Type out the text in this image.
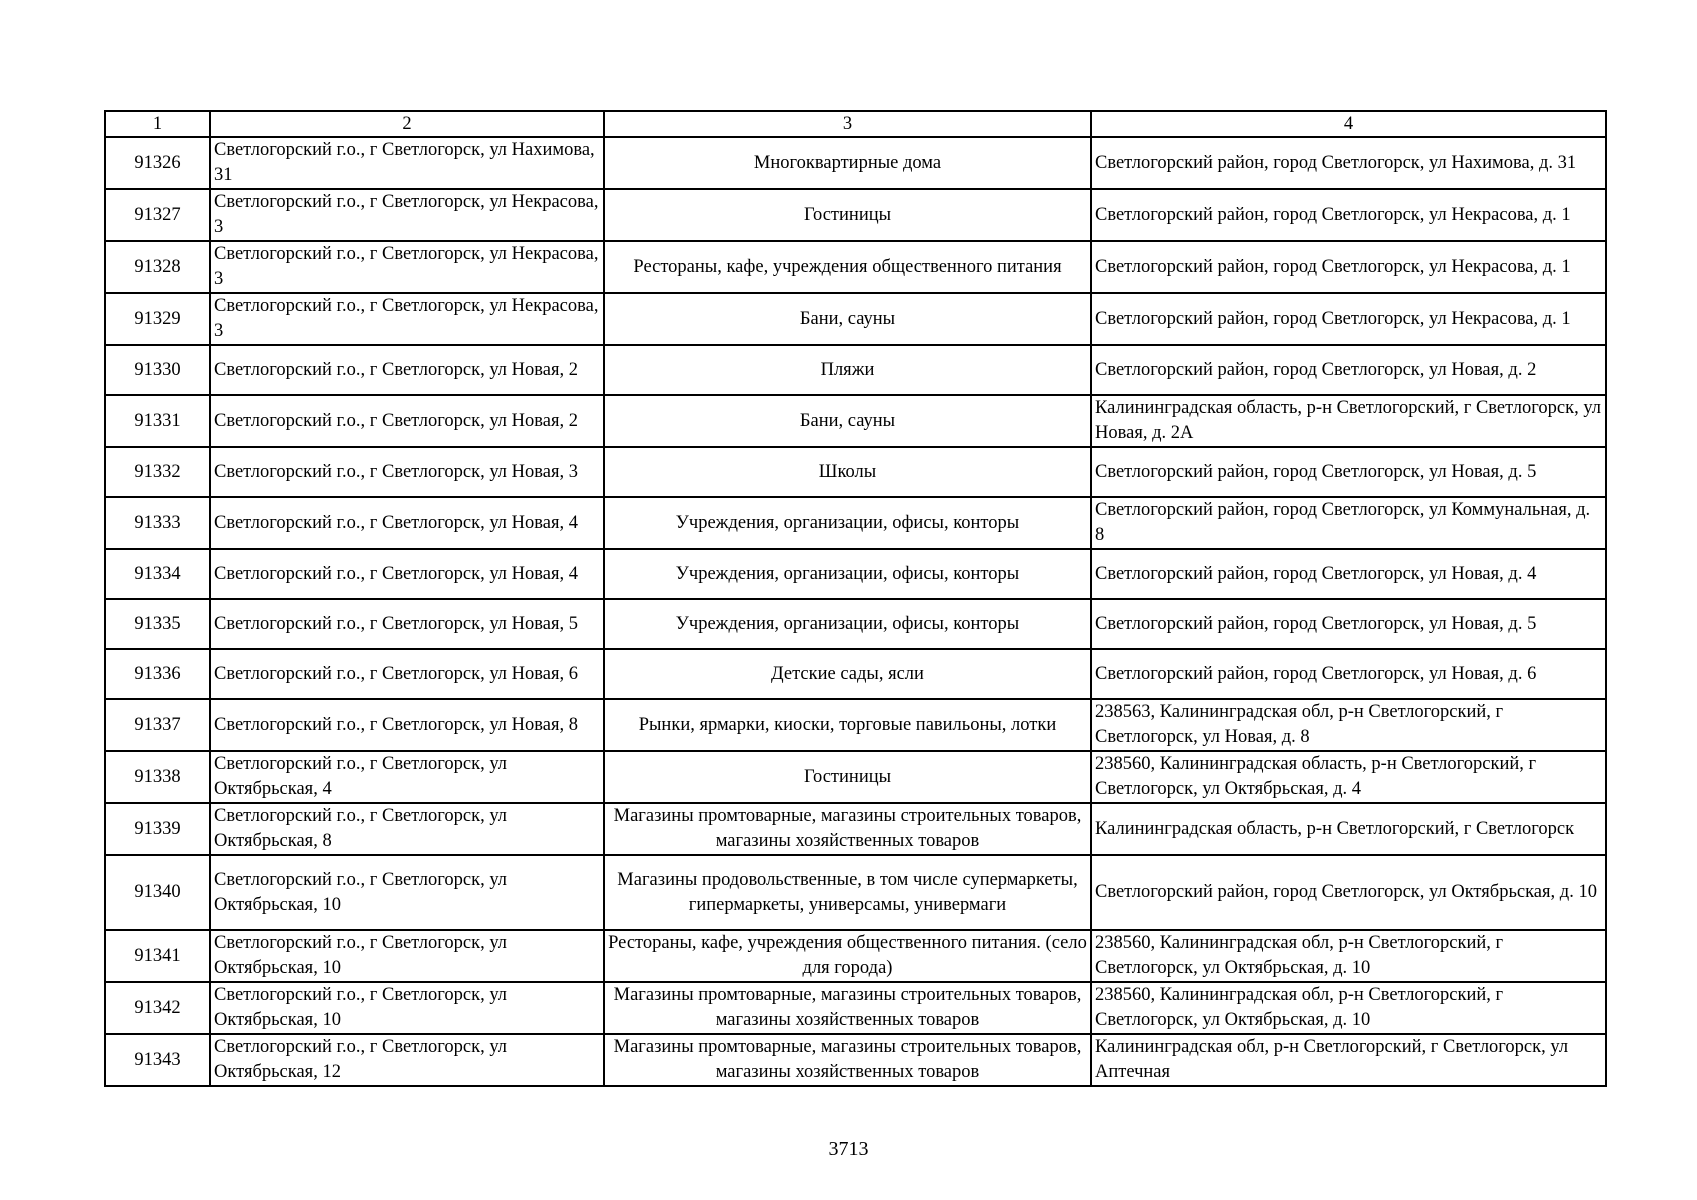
1	2	3	4
91326	Светлогорский г.о., г Светлогорск, ул Нахимова, 31	Многоквартирные дома	Светлогорский район, город Светлогорск, ул Нахимова, д. 31
91327	Светлогорский г.о., г Светлогорск, ул Некрасова, 3	Гостиницы	Светлогорский район, город Светлогорск, ул Некрасова, д. 1
91328	Светлогорский г.о., г Светлогорск, ул Некрасова, 3	Рестораны, кафе, учреждения общественного питания	Светлогорский район, город Светлогорск, ул Некрасова, д. 1
91329	Светлогорский г.о., г Светлогорск, ул Некрасова, 3	Бани, сауны	Светлогорский район, город Светлогорск, ул Некрасова, д. 1
91330	Светлогорский г.о., г Светлогорск, ул Новая, 2	Пляжи	Светлогорский район, город Светлогорск, ул Новая, д. 2
91331	Светлогорский г.о., г Светлогорск, ул Новая, 2	Бани, сауны	Калининградская область, р-н Светлогорский, г Светлогорск, ул Новая, д. 2А
91332	Светлогорский г.о., г Светлогорск, ул Новая, 3	Школы	Светлогорский район, город Светлогорск, ул Новая, д. 5
91333	Светлогорский г.о., г Светлогорск, ул Новая, 4	Учреждения, организации, офисы, конторы	Светлогорский район, город Светлогорск, ул Коммунальная, д. 8
91334	Светлогорский г.о., г Светлогорск, ул Новая, 4	Учреждения, организации, офисы, конторы	Светлогорский район, город Светлогорск, ул Новая, д. 4
91335	Светлогорский г.о., г Светлогорск, ул Новая, 5	Учреждения, организации, офисы, конторы	Светлогорский район, город Светлогорск, ул Новая, д. 5
91336	Светлогорский г.о., г Светлогорск, ул Новая, 6	Детские сады, ясли	Светлогорский район, город Светлогорск, ул Новая, д. 6
91337	Светлогорский г.о., г Светлогорск, ул Новая, 8	Рынки, ярмарки, киоски, торговые павильоны, лотки	238563, Калининградская обл, р-н Светлогорский, г Светлогорск, ул Новая, д. 8
91338	Светлогорский г.о., г Светлогорск, ул Октябрьская, 4	Гостиницы	238560, Калининградская область, р-н Светлогорский, г Светлогорск, ул Октябрьская, д. 4
91339	Светлогорский г.о., г Светлогорск, ул Октябрьская, 8	Магазины промтоварные, магазины строительных товаров, магазины хозяйственных товаров	Калининградская область, р-н Светлогорский, г Светлогорск
91340	Светлогорский г.о., г Светлогорск, ул Октябрьская, 10	Магазины продовольственные, в том числе супермаркеты, гипермаркеты, универсамы, универмаги	Светлогорский район, город Светлогорск, ул Октябрьская, д. 10
91341	Светлогорский г.о., г Светлогорск, ул Октябрьская, 10	Рестораны, кафе, учреждения общественного питания. (село для города)	238560, Калининградская обл, р-н Светлогорский, г Светлогорск, ул Октябрьская, д. 10
91342	Светлогорский г.о., г Светлогорск, ул Октябрьская, 10	Магазины промтоварные, магазины строительных товаров, магазины хозяйственных товаров	238560, Калининградская обл, р-н Светлогорский, г Светлогорск, ул Октябрьская, д. 10
91343	Светлогорский г.о., г Светлогорск, ул Октябрьская, 12	Магазины промтоварные, магазины строительных товаров, магазины хозяйственных товаров	Калининградская обл, р-н Светлогорский, г Светлогорск, ул Аптечная
3713
